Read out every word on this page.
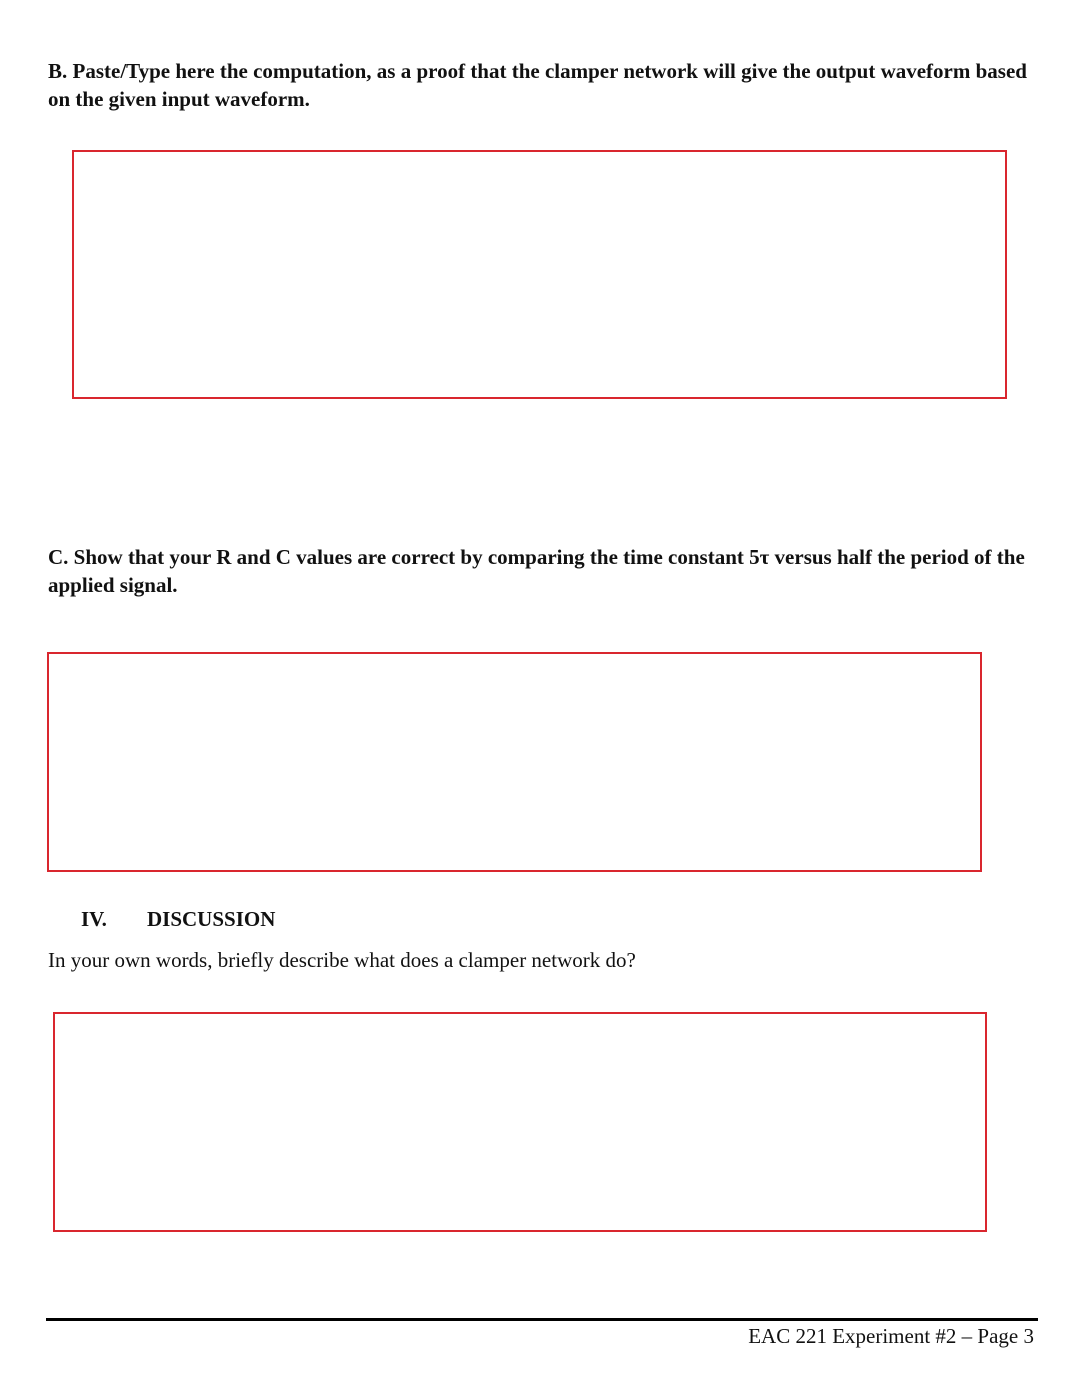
B. Paste/Type here the computation, as a proof that the clamper network will give the output waveform based on the given input waveform.

C. Show that your R and C values are correct by comparing the time constant 5τ versus half the period of the applied signal.

IV. DISCUSSION

In your own words, briefly describe what does a clamper network do?

EAC 221 Experiment #2 – Page 3
